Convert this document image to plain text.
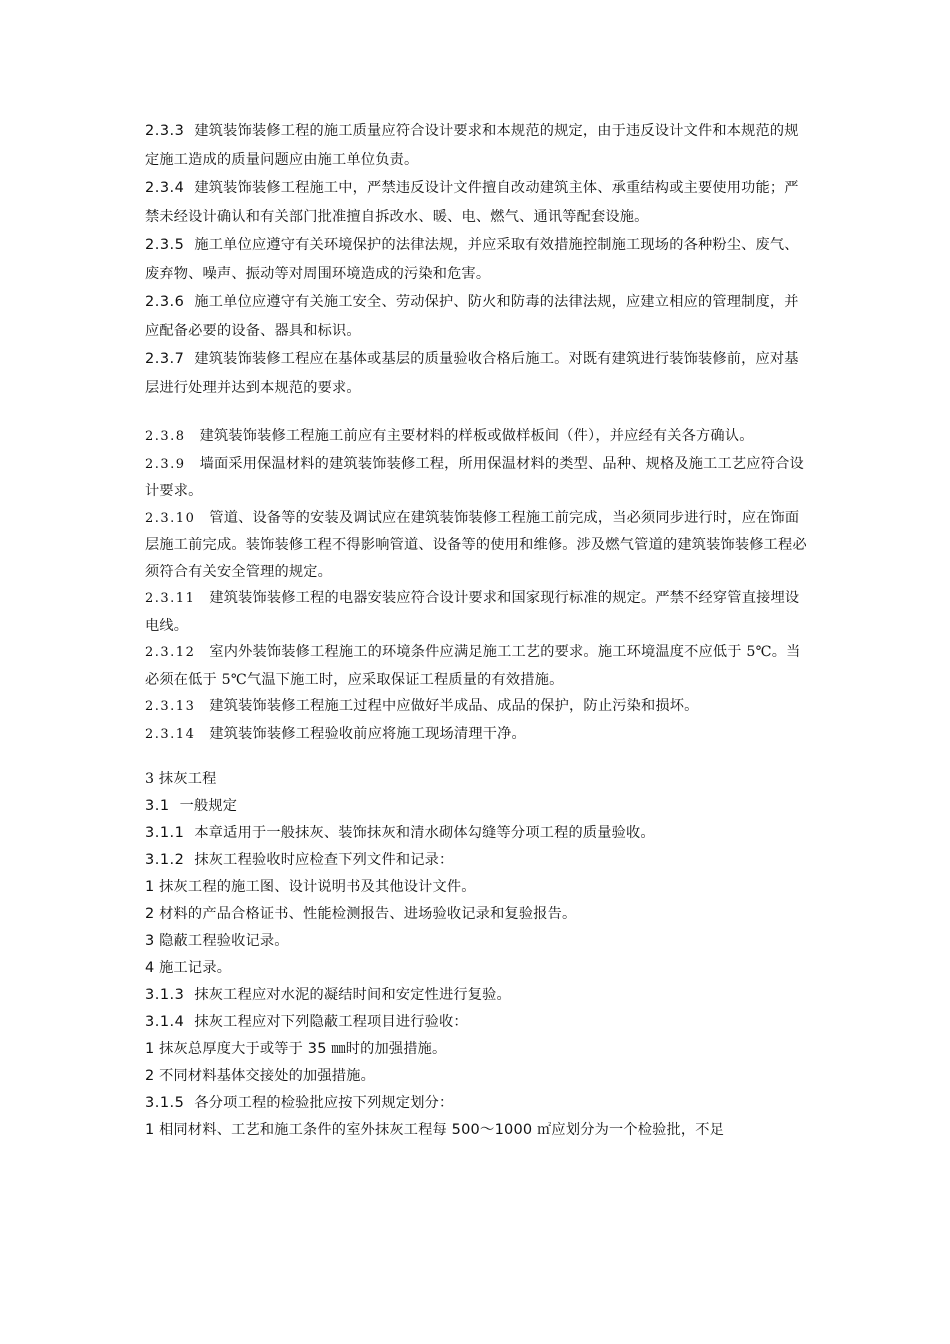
2.3.3 建筑装饰装修工程的施工质量应符合设计要求和本规范的规定，由于违反设计文件和本规范的规定施工造成的质量问题应由施工单位负责。
2.3.4 建筑装饰装修工程施工中，严禁违反设计文件擅自改动建筑主体、承重结构或主要使用功能；严禁未经设计确认和有关部门批准擅自拆改水、暖、电、燃气、通讯等配套设施。
2.3.5 施工单位应遵守有关环境保护的法律法规，并应采取有效措施控制施工现场的各种粉尘、废气、废弃物、噪声、振动等对周围环境造成的污染和危害。
2.3.6 施工单位应遵守有关施工安全、劳动保护、防火和防毒的法律法规，应建立相应的管理制度，并应配备必要的设备、器具和标识。
2.3.7 建筑装饰装修工程应在基体或基层的质量验收合格后施工。对既有建筑进行装饰装修前，应对基层进行处理并达到本规范的要求。
2.3.8 建筑装饰装修工程施工前应有主要材料的样板或做样板间（件），并应经有关各方确认。
2.3.9 墙面采用保温材料的建筑装饰装修工程，所用保温材料的类型、品种、规格及施工工艺应符合设计要求。
2.3.10 管道、设备等的安装及调试应在建筑装饰装修工程施工前完成，当必须同步进行时，应在饰面层施工前完成。装饰装修工程不得影响管道、设备等的使用和维修。涉及燃气管道的建筑装饰装修工程必须符合有关安全管理的规定。
2.3.11 建筑装饰装修工程的电器安装应符合设计要求和国家现行标准的规定。严禁不经穿管直接埋设电线。
2.3.12 室内外装饰装修工程施工的环境条件应满足施工工艺的要求。施工环境温度不应低于 5℃。当必须在低于 5℃气温下施工时，应采取保证工程质量的有效措施。
2.3.13 建筑装饰装修工程施工过程中应做好半成品、成品的保护，防止污染和损坏。
2.3.14 建筑装饰装修工程验收前应将施工现场清理干净。
3 抹灰工程
3.1 一般规定
3.1.1 本章适用于一般抹灰、装饰抹灰和清水砌体勾缝等分项工程的质量验收。
3.1.2 抹灰工程验收时应检查下列文件和记录：
1 抹灰工程的施工图、设计说明书及其他设计文件。
2 材料的产品合格证书、性能检测报告、进场验收记录和复验报告。
3 隐蔽工程验收记录。
4 施工记录。
3.1.3 抹灰工程应对水泥的凝结时间和安定性进行复验。
3.1.4 抹灰工程应对下列隐蔽工程项目进行验收：
1 抹灰总厚度大于或等于 35 ㎜时的加强措施。
2 不同材料基体交接处的加强措施。
3.1.5 各分项工程的检验批应按下列规定划分：
1 相同材料、工艺和施工条件的室外抹灰工程每 500～1000 ㎡应划分为一个检验批，不足
